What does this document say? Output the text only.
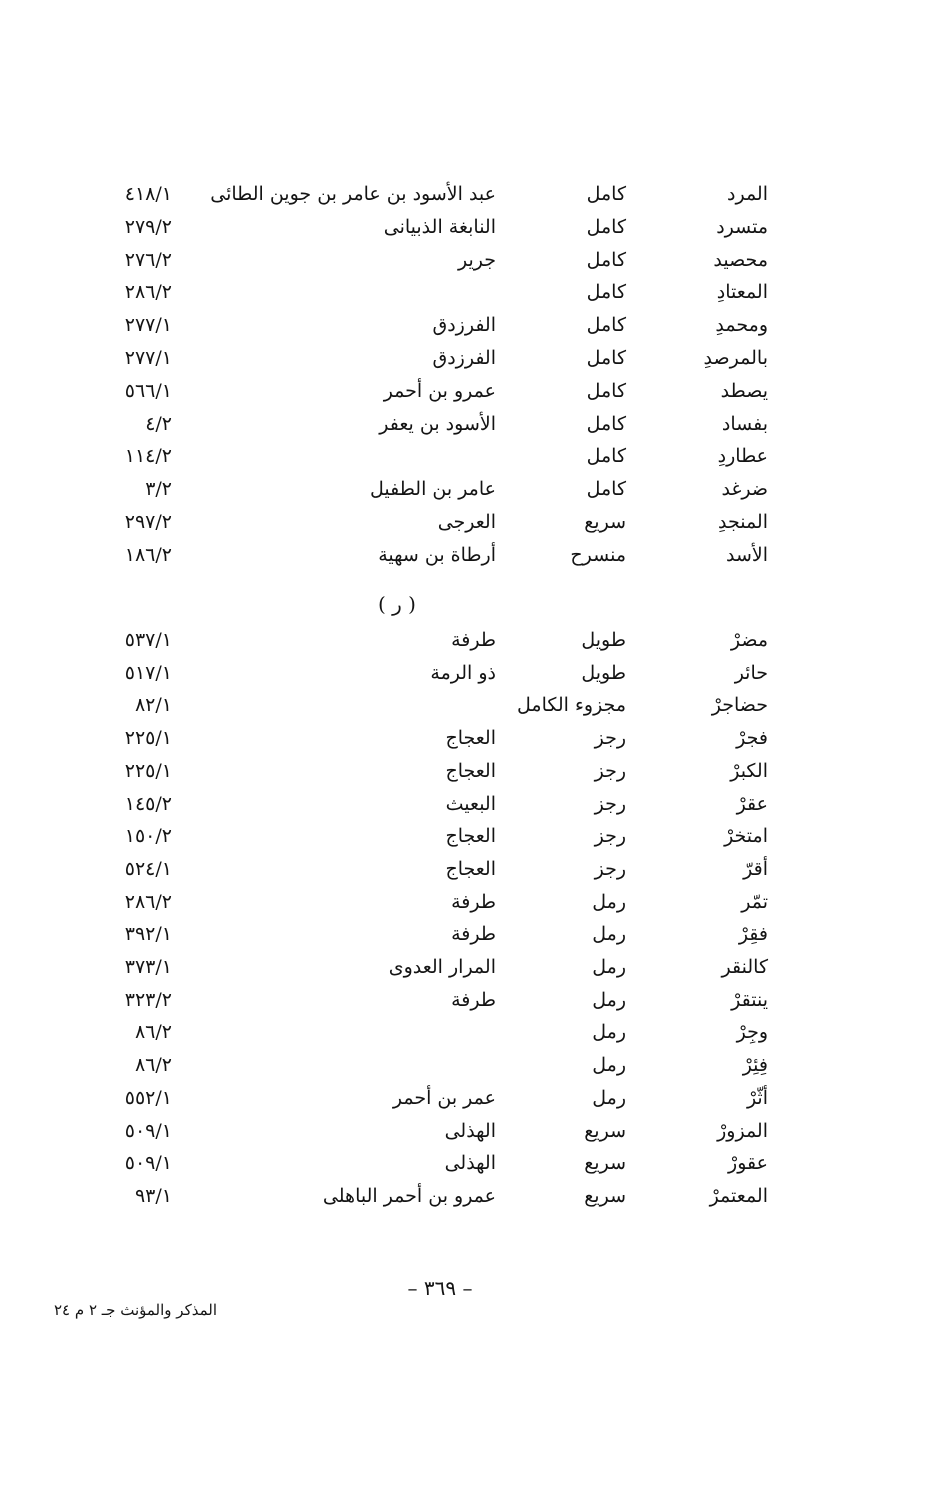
المرد
كامل
عبد الأسود بن عامر بن جوين الطائى
٤١٨/١
متسرد
كامل
النابغة الذبيانى
٢٧٩/٢
محصيد
كامل
جرير
٢٧٦/٢
المعتادِ
كامل
٢٨٦/٢
ومحمدِ
كامل
الفرزدق
٢٧٧/١
بالمرصدِ
كامل
الفرزدق
٢٧٧/١
يصطد
كامل
عمرو بن أحمر
٥٦٦/١
بفساد
كامل
الأسود بن يعفر
٤/٢
عطاردِ
كامل
١١٤/٢
ضرغد
كامل
عامر بن الطفيل
٣/٢
المنجدِ
سريع
العرجى
٢٩٧/٢
الأسد
منسرح
أرطاة بن سهية
١٨٦/٢
مضرْ
طويل
طرفة
٥٣٧/١
حائر
طويل
ذو الرمة
٥١٧/١
حضاجرْ
مجزوء الكامل
٨٢/١
فجرْ
رجز
العجاج
٢٢٥/١
الكبرْ
رجز
العجاج
٢٢٥/١
عقرْ
رجز
البعيث
١٤٥/٢
امتخرْ
رجز
العجاج
١٥٠/٢
أقرّ
رجز
العجاج
٥٢٤/١
تمّر
رمل
طرفة
٢٨٦/٢
فقِرْ
رمل
طرفة
٣٩٢/١
كالنقر
رمل
المرار العدوى
٣٧٣/١
ينتقرْ
رمل
طرفة
٣٢٣/٢
وجِرْ
رمل
٨٦/٢
فِئِرْ
رمل
٨٦/٢
أثّرْ
رمل
عمر بن أحمر
٥٥٢/١
المزورْ
سريع
الهذلى
٥٠٩/١
عقورْ
سريع
الهذلى
٥٠٩/١
المعتمرْ
سريع
عمرو بن أحمر الباهلى
٩٣/١
( ر )
– ٣٦٩ –
المذكر والمؤنث جـ ٢ م ٢٤
